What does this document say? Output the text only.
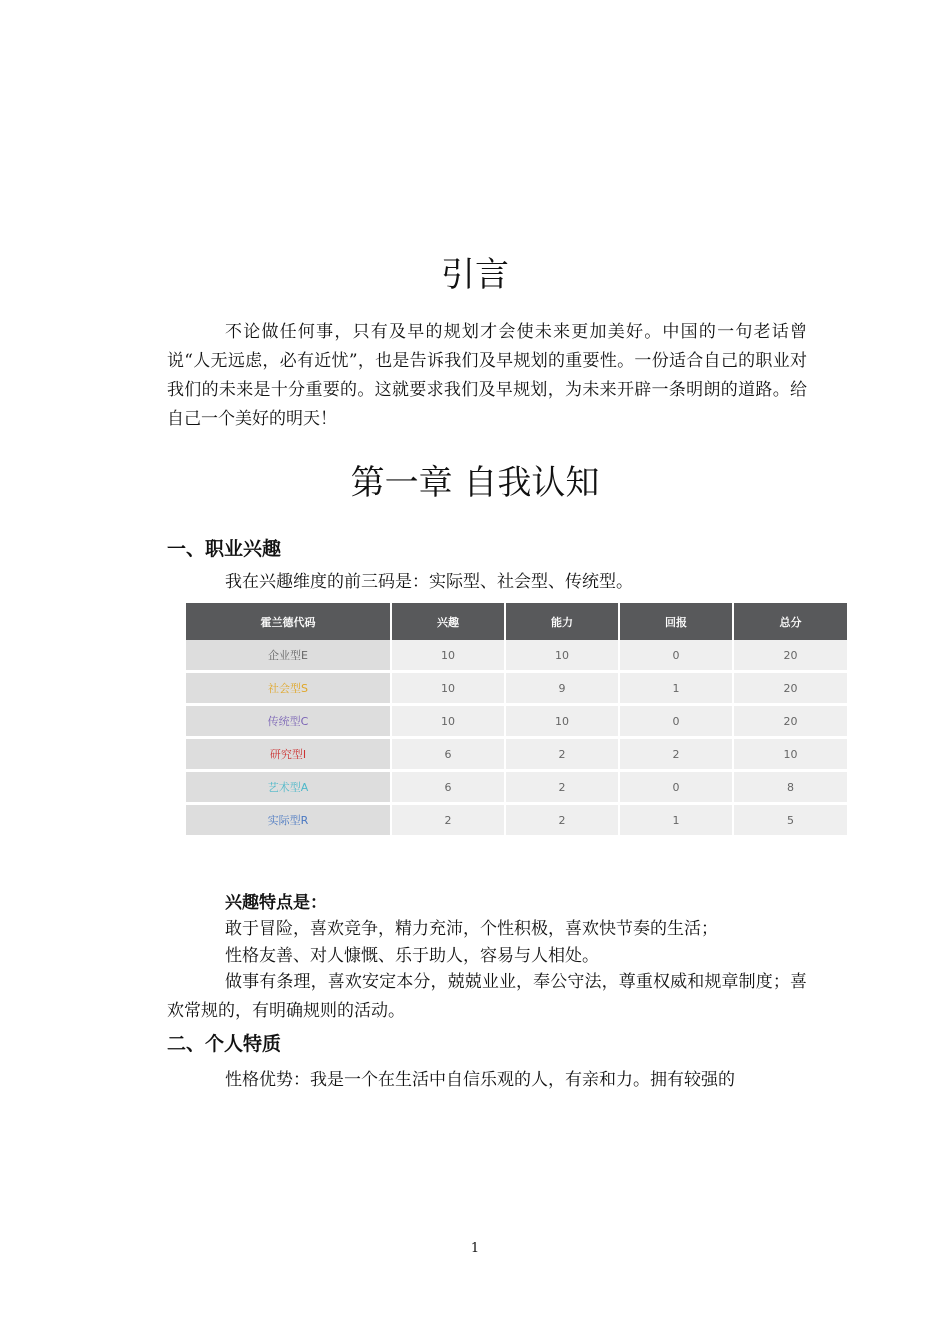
引言

不论做任何事，只有及早的规划才会使未来更加美好。中国的一句老话曾说“人无远虑，必有近忧”，也是告诉我们及早规划的重要性。一份适合自己的职业对我们的未来是十分重要的。这就要求我们及早规划，为未来开辟一条明朗的道路。给自己一个美好的明天！

第一章 自我认知
一、职业兴趣

我在兴趣维度的前三码是：实际型、社会型、传统型。

霍兰德代码	兴趣	能力	回报	总分
企业型E	10	10	0	20
社会型S	10	9	1	20
传统型C	10	10	0	20
研究型I	6	2	2	10
艺术型A	6	2	0	8
实际型R	2	2	1	5

兴趣特点是：

敢于冒险，喜欢竞争，精力充沛，个性积极，喜欢快节奏的生活；

性格友善、对人慷慨、乐于助人，容易与人相处。

做事有条理，喜欢安定本分，兢兢业业，奉公守法，尊重权威和规章制度；喜欢常规的，有明确规则的活动。

二、个人特质

性格优势：我是一个在生活中自信乐观的人，有亲和力。拥有较强的

1
